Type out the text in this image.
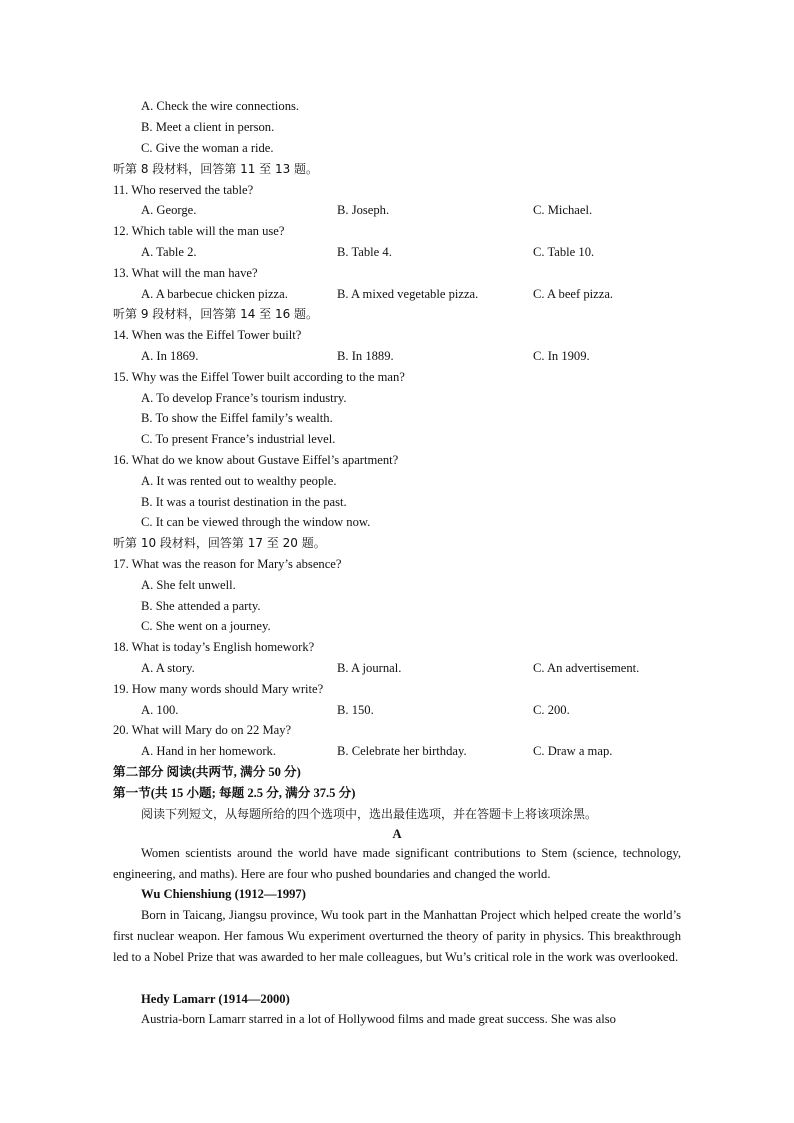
A. Check the wire connections.
B. Meet a client in person.
C. Give the woman a ride.
听第 8 段材料，回答第 11 至 13 题。
11. Who reserved the table?
A. George.	B. Joseph.	C. Michael.
12. Which table will the man use?
A. Table 2.	B. Table 4.	C. Table 10.
13. What will the man have?
A. A barbecue chicken pizza.	B. A mixed vegetable pizza.	C. A beef pizza.
听第 9 段材料，回答第 14 至 16 题。
14. When was the Eiffel Tower built?
A. In 1869.	B. In 1889.	C. In 1909.
15. Why was the Eiffel Tower built according to the man?
A. To develop France’s tourism industry.
B. To show the Eiffel family’s wealth.
C. To present France’s industrial level.
16. What do we know about Gustave Eiffel’s apartment?
A. It was rented out to wealthy people.
B. It was a tourist destination in the past.
C. It can be viewed through the window now.
听第 10 段材料，回答第 17 至 20 题。
17. What was the reason for Mary’s absence?
A. She felt unwell.
B. She attended a party.
C. She went on a journey.
18. What is today’s English homework?
A. A story.	B. A journal.	C. An advertisement.
19. How many words should Mary write?
A. 100.	B. 150.	C. 200.
20. What will Mary do on 22 May?
A. Hand in her homework.	B. Celebrate her birthday.	C. Draw a map.
第二部分 阅读(共两节, 满分 50 分)
第一节(共 15 小题; 每题 2.5 分, 满分 37.5 分)
阅读下列短文，从每题所给的四个选项中，选出最佳选项，并在答题卡上将该项涂黑。
A
Women scientists around the world have made significant contributions to Stem (science, technology, engineering, and maths). Here are four who pushed boundaries and changed the world.
Wu Chienshiung (1912—1997)
Born in Taicang, Jiangsu province, Wu took part in the Manhattan Project which helped create the world’s first nuclear weapon. Her famous Wu experiment overturned the theory of parity in physics. This breakthrough led to a Nobel Prize that was awarded to her male colleagues, but Wu’s critical role in the work was overlooked.
Hedy Lamarr (1914—2000)
Austria-born Lamarr starred in a lot of Hollywood films and made great success. She was also
